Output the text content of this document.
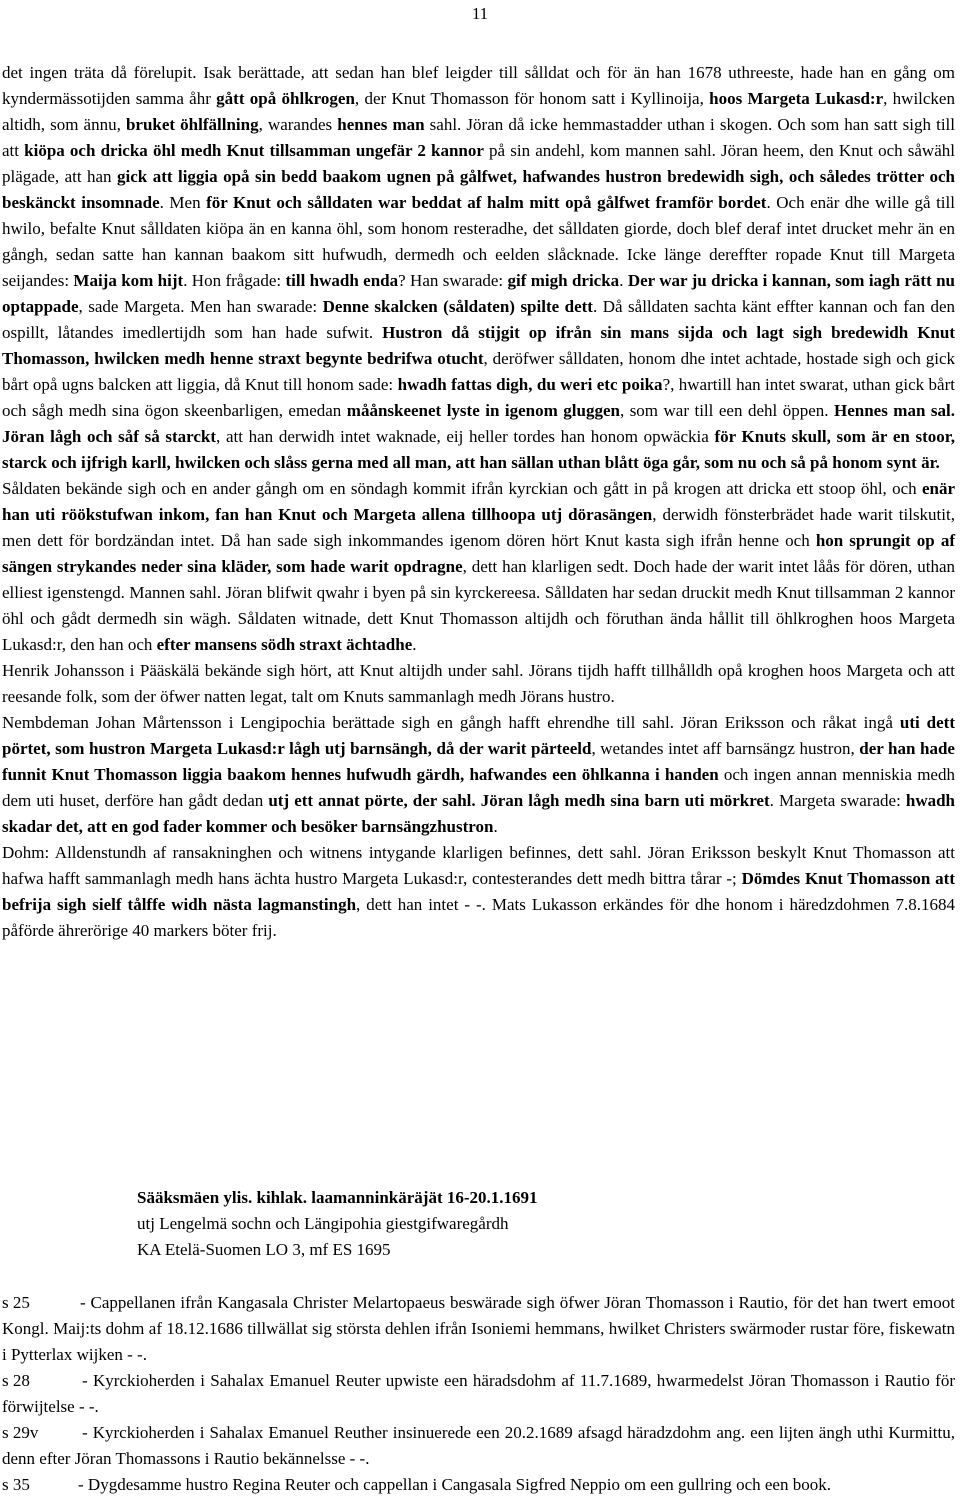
11

det ingen träta då förelupit. Isak berättade, att sedan han blef leigder till sålldat och för än han 1678 uthreeste, hade han en gång om kyndermässotijden samma åhr gått opå öhlkrogen, der Knut Thomasson för honom satt i Kyllinoija, hoos Margeta Lukasd:r, hwilcken altidh, som ännu, bruket öhlfällning, warandes hennes man sahl. Jöran då icke hemmastadder uthan i skogen. Och som han satt sigh till att kiöpa och dricka öhl medh Knut tillsamman ungefär 2 kannor på sin andehl, kom mannen sahl. Jöran heem, den Knut och såwähl plägade, att han gick att liggia opå sin bedd baakom ugnen på gålfwet, hafwandes hustron bredewidh sigh, och således trötter och beskänckt insomnade. Men för Knut och sålldaten war beddat af halm mitt opå gålfwet framför bordet. Och enär dhe wille gå till hwilo, befalte Knut sålldaten kiöpa än en kanna öhl, som honom resteradhe, det sålldaten giorde, doch blef deraf intet drucket mehr än en gångh, sedan satte han kannan baakom sitt hufwudh, dermedh och eelden slåcknade. Icke länge dereffter ropade Knut till Margeta seijandes: Maija kom hijt. Hon frågade: till hwadh enda? Han swarade: gif migh dricka. Der war ju dricka i kannan, som iagh rätt nu optappade, sade Margeta. Men han swarade: Denne skalcken (såldaten) spilte dett. Då sålldaten sachta känt effter kannan och fan den ospillt, låtandes imedlertijdh som han hade sufwit. Hustron då stijgit op ifrån sin mans sijda och lagt sigh bredewidh Knut Thomasson, hwilcken medh henne straxt begynte bedrifwa otucht, deröfwer sålldaten, honom dhe intet achtade, hostade sigh och gick bårt opå ugns balcken att liggia, då Knut till honom sade: hwadh fattas digh, du weri etc poika?, hwartill han intet swarat, uthan gick bårt och sågh medh sina ögon skeenbarligen, emedan måånskeenet lyste in igenom gluggen, som war till een dehl öppen. Hennes man sal. Jöran lågh och såf så starckt, att han derwidh intet waknade, eij heller tordes han honom opwäckia för Knuts skull, som är en stoor, starck och ijfrigh karll, hwilcken och slåss gerna med all man, att han sällan uthan blått öga går, som nu och så på honom synt är.

Såldaten bekände sigh och en ander gångh om en söndagh kommit ifrån kyrckian och gått in på krogen att dricka ett stoop öhl, och enär han uti röökstufwan inkom, fan han Knut och Margeta allena tillhoopa utj dörasängen, derwidh fönsterbrädet hade warit tilskutit, men dett för bordzändan intet. Då han sade sigh inkommandes igenom dören hört Knut kasta sigh ifrån henne och hon sprungit op af sängen strykandes neder sina kläder, som hade warit opdragne, dett han klarligen sedt. Doch hade der warit intet låås för dören, uthan elliest igenstengd. Mannen sahl. Jöran blifwit qwahr i byen på sin kyrckereesa. Sålldaten har sedan druckit medh Knut tillsamman 2 kannor öhl och gådt dermedh sin wägh. Såldaten witnade, dett Knut Thomasson altijdh och föruthan ända hållit till öhlkroghen hoos Margeta Lukasd:r, den han och efter mansens södh straxt ächtadhe.

Henrik Johansson i Pääskälä bekände sigh hört, att Knut altijdh under sahl. Jörans tijdh hafft tillhålldh opå kroghen hoos Margeta och att reesande folk, som der öfwer natten legat, talt om Knuts sammanlagh medh Jörans hustro.

Nembdeman Johan Mårtensson i Lengipochia berättade sigh en gångh hafft ehrendhe till sahl. Jöran Eriksson och råkat ingå uti dett pörtet, som hustron Margeta Lukasd:r lågh utj barnsängh, då der warit pärteeld, wetandes intet aff barnsängz hustron, der han hade funnit Knut Thomasson liggia baakom hennes hufwudh gärdh, hafwandes een öhlkanna i handen och ingen annan menniskia medh dem uti huset, derföre han gådt dedan utj ett annat pörte, der sahl. Jöran lågh medh sina barn uti mörkret. Margeta swarade: hwadh skadar det, att en god fader kommer och besöker barnsängzhustron.

Dohm: Alldenstundh af ransakninghen och witnens intygande klarligen befinnes, dett sahl. Jöran Eriksson beskylt Knut Thomasson att hafwa hafft sammanlagh medh hans ächta hustro Margeta Lukasd:r, contesterandes dett medh bittra tårar -; Dömdes Knut Thomasson att befrija sigh sielf tålffe widh nästa lagmanstingh, dett han intet - -. Mats Lukasson erkändes för dhe honom i häredzdohmen 7.8.1684 påförde ährerörige 40 markers böter frij.

Sääksmäen ylis. kihlak. laamanninkäräjät 16-20.1.1691
utj Lengelmä sochn och Längipohia giestgifwaregårdh
KA Etelä-Suomen LO 3, mf ES 1695

s 25	- Cappellanen ifrån Kangasala Christer Melartopaeus beswärade sigh öfwer Jöran Thomasson i Rautio, för det han twert emoot Kongl. Maij:ts dohm af 18.12.1686 tillwällat sig största dehlen ifrån Isoniemi hemmans, hwilket Christers swärmoder rustar före, fiskewatn i Pytterlax wijken - -.

s 28	- Kyrckioherden i Sahalax Emanuel Reuter upwiste een häradsdohm af 11.7.1689, hwarmedelst Jöran Thomasson i Rautio för förwijtelse - -.

s 29v	- Kyrckioherden i Sahalax Emanuel Reuther insinuerede een 20.2.1689 afsagd häradzdohm ang. een lijten ängh uthi Kurmittu, denn efter Jöran Thomassons i Rautio bekännelsse - -.

s 35	- Dygdesamme hustro Regina Reuter och cappellan i Cangasala Sigfred Neppio om een gullring och een book.
